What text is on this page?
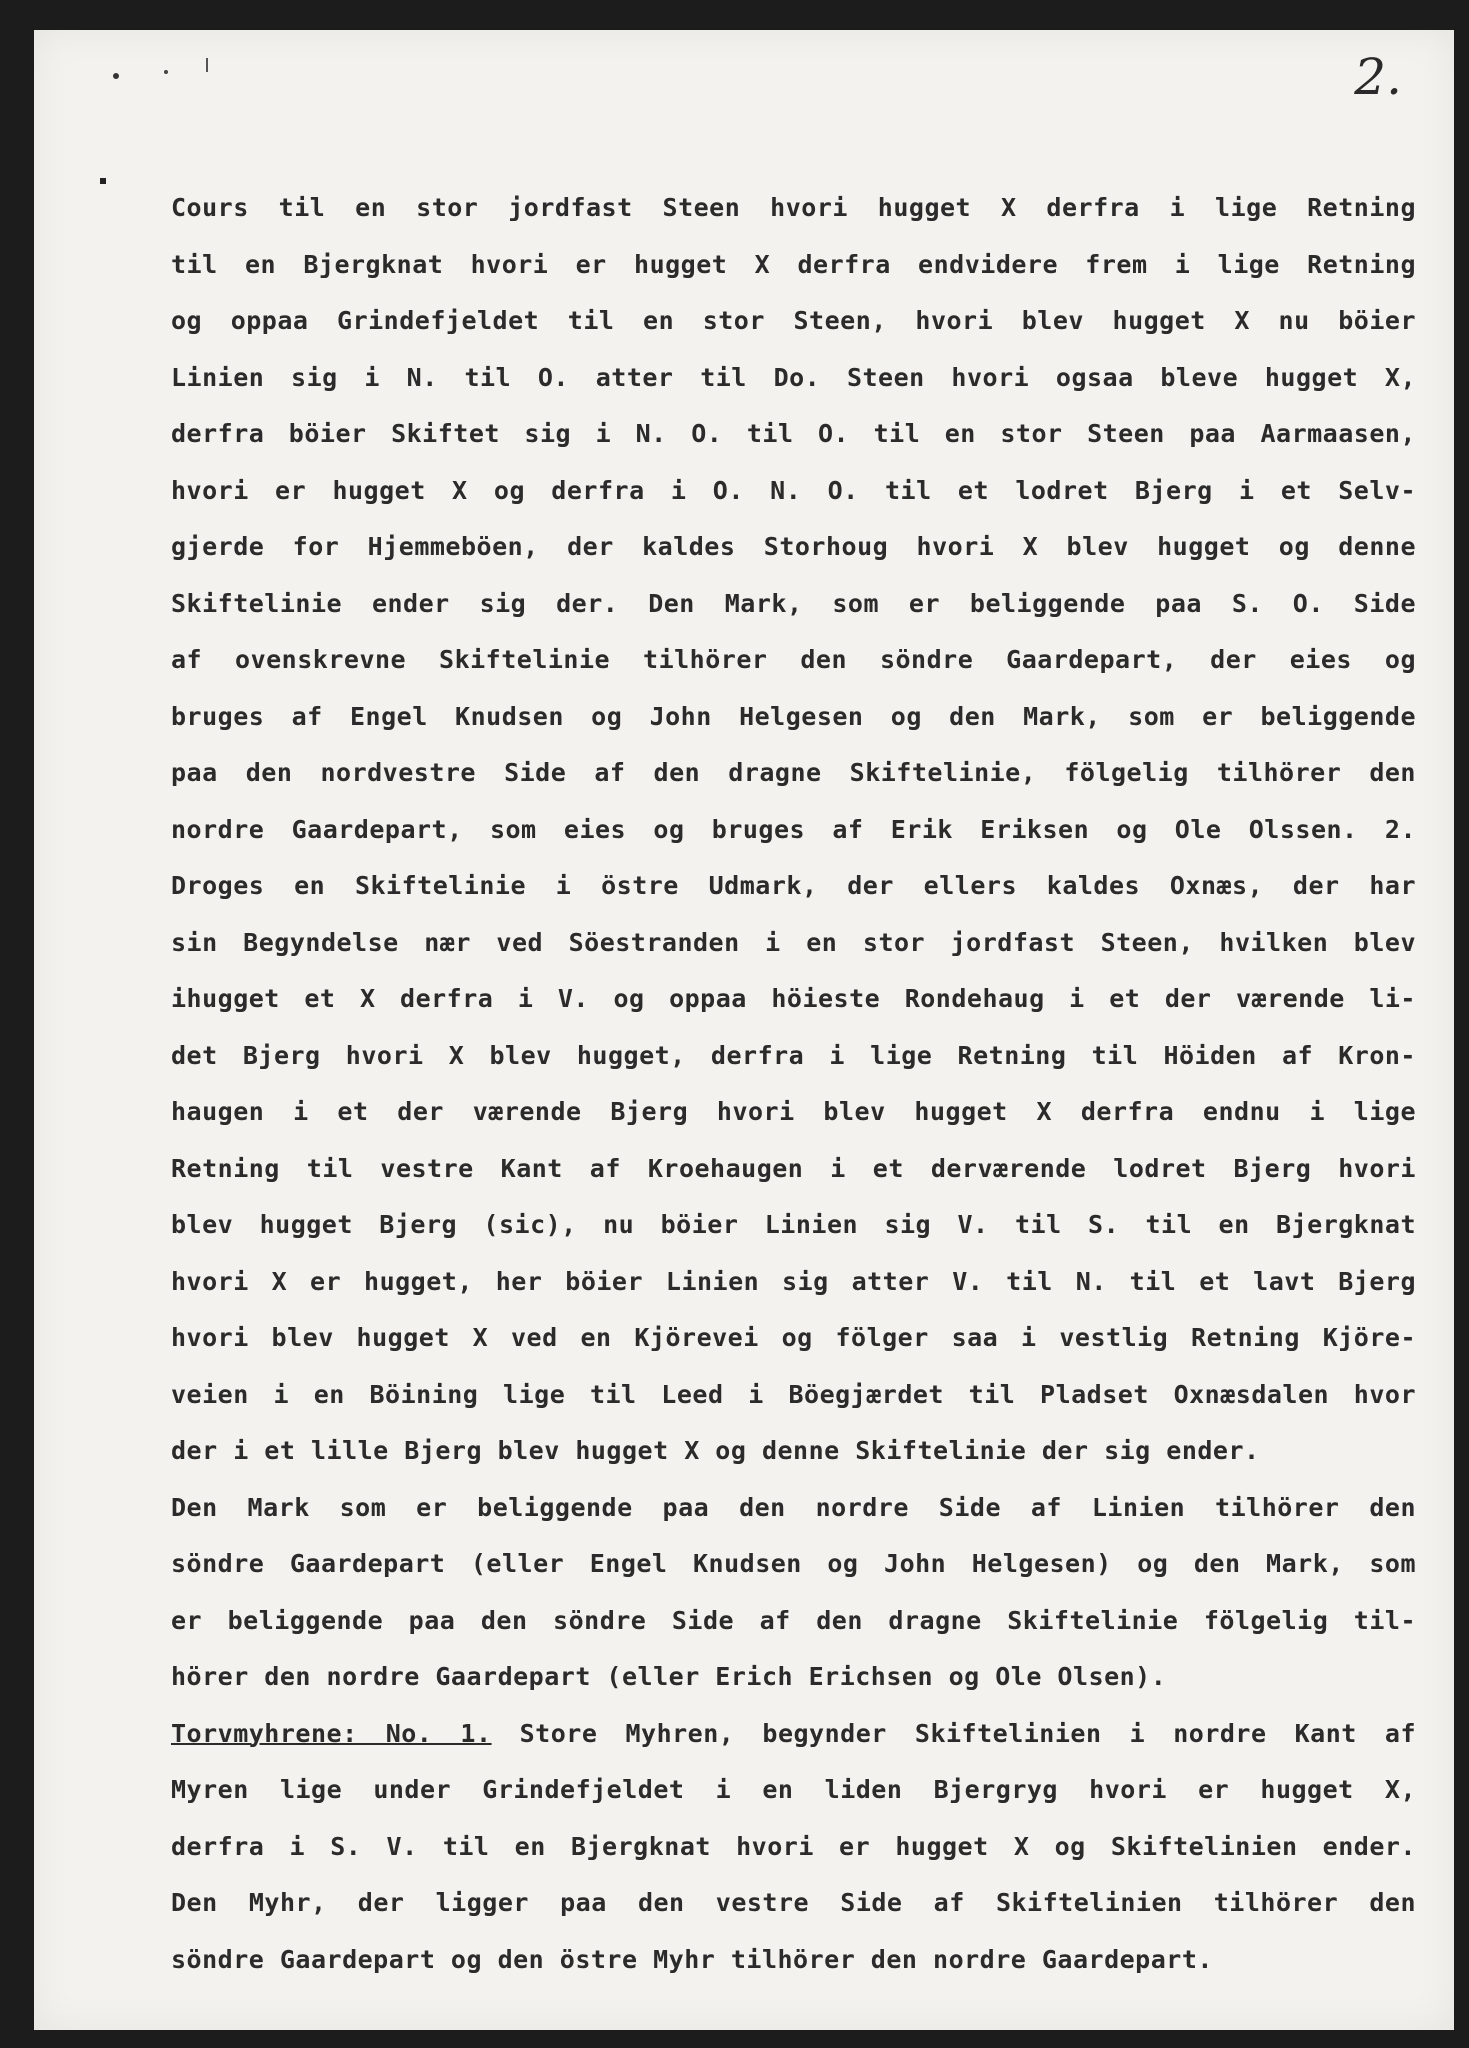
2.
Cours til en stor jordfast Steen hvori hugget X derfra i lige Retning
til en Bjergknat hvori er hugget X derfra endvidere frem i lige Retning
og oppaa Grindefjeldet til en stor Steen, hvori blev hugget X nu böier
Linien sig i N. til O. atter til Do. Steen hvori ogsaa bleve hugget X,
derfra böier Skiftet sig i N. O. til O. til en stor Steen paa Aarmaasen,
hvori er hugget X og derfra i O. N. O. til et lodret Bjerg i et Selv-
gjerde for Hjemmeböen, der kaldes Storhoug hvori X blev hugget og denne
Skiftelinie ender sig der. Den Mark, som er beliggende paa S. O. Side
af ovenskrevne Skiftelinie tilhörer den söndre Gaardepart, der eies og
bruges af Engel Knudsen og John Helgesen og den Mark, som er beliggende
paa den nordvestre Side af den dragne Skiftelinie, fölgelig tilhörer den
nordre Gaardepart, som eies og bruges af Erik Eriksen og Ole Olssen. 2.
Droges en Skiftelinie i östre Udmark, der ellers kaldes Oxnæs, der har
sin Begyndelse nær ved Söestranden i en stor jordfast Steen, hvilken blev
ihugget et X derfra i V. og oppaa höieste Rondehaug i et der værende li-
det Bjerg hvori X blev hugget, derfra i lige Retning til Höiden af Kron-
haugen i et der værende Bjerg hvori blev hugget X derfra endnu i lige
Retning til vestre Kant af Kroehaugen i et derværende lodret Bjerg hvori
blev hugget Bjerg (sic), nu böier Linien sig V. til S. til en Bjergknat
hvori X er hugget, her böier Linien sig atter V. til N. til et lavt Bjerg
hvori blev hugget X ved en Kjörevei og fölger saa i vestlig Retning Kjöre-
veien i en Böining lige til Leed i Böegjærdet til Pladset Oxnæsdalen hvor
der i et lille Bjerg blev hugget X og denne Skiftelinie der sig ender.
Den Mark som er beliggende paa den nordre Side af Linien tilhörer den
söndre Gaardepart (eller Engel Knudsen og John Helgesen) og den Mark, som
er beliggende paa den söndre Side af den dragne Skiftelinie fölgelig til-
hörer den nordre Gaardepart (eller Erich Erichsen og Ole Olsen).
Torvmyhrene: No. 1. Store Myhren, begynder Skiftelinien i nordre Kant af
Myren lige under Grindefjeldet i en liden Bjergryg hvori er hugget X,
derfra i S. V. til en Bjergknat hvori er hugget X og Skiftelinien ender.
Den Myhr, der ligger paa den vestre Side af Skiftelinien tilhörer den
söndre Gaardepart og den östre Myhr tilhörer den nordre Gaardepart.
